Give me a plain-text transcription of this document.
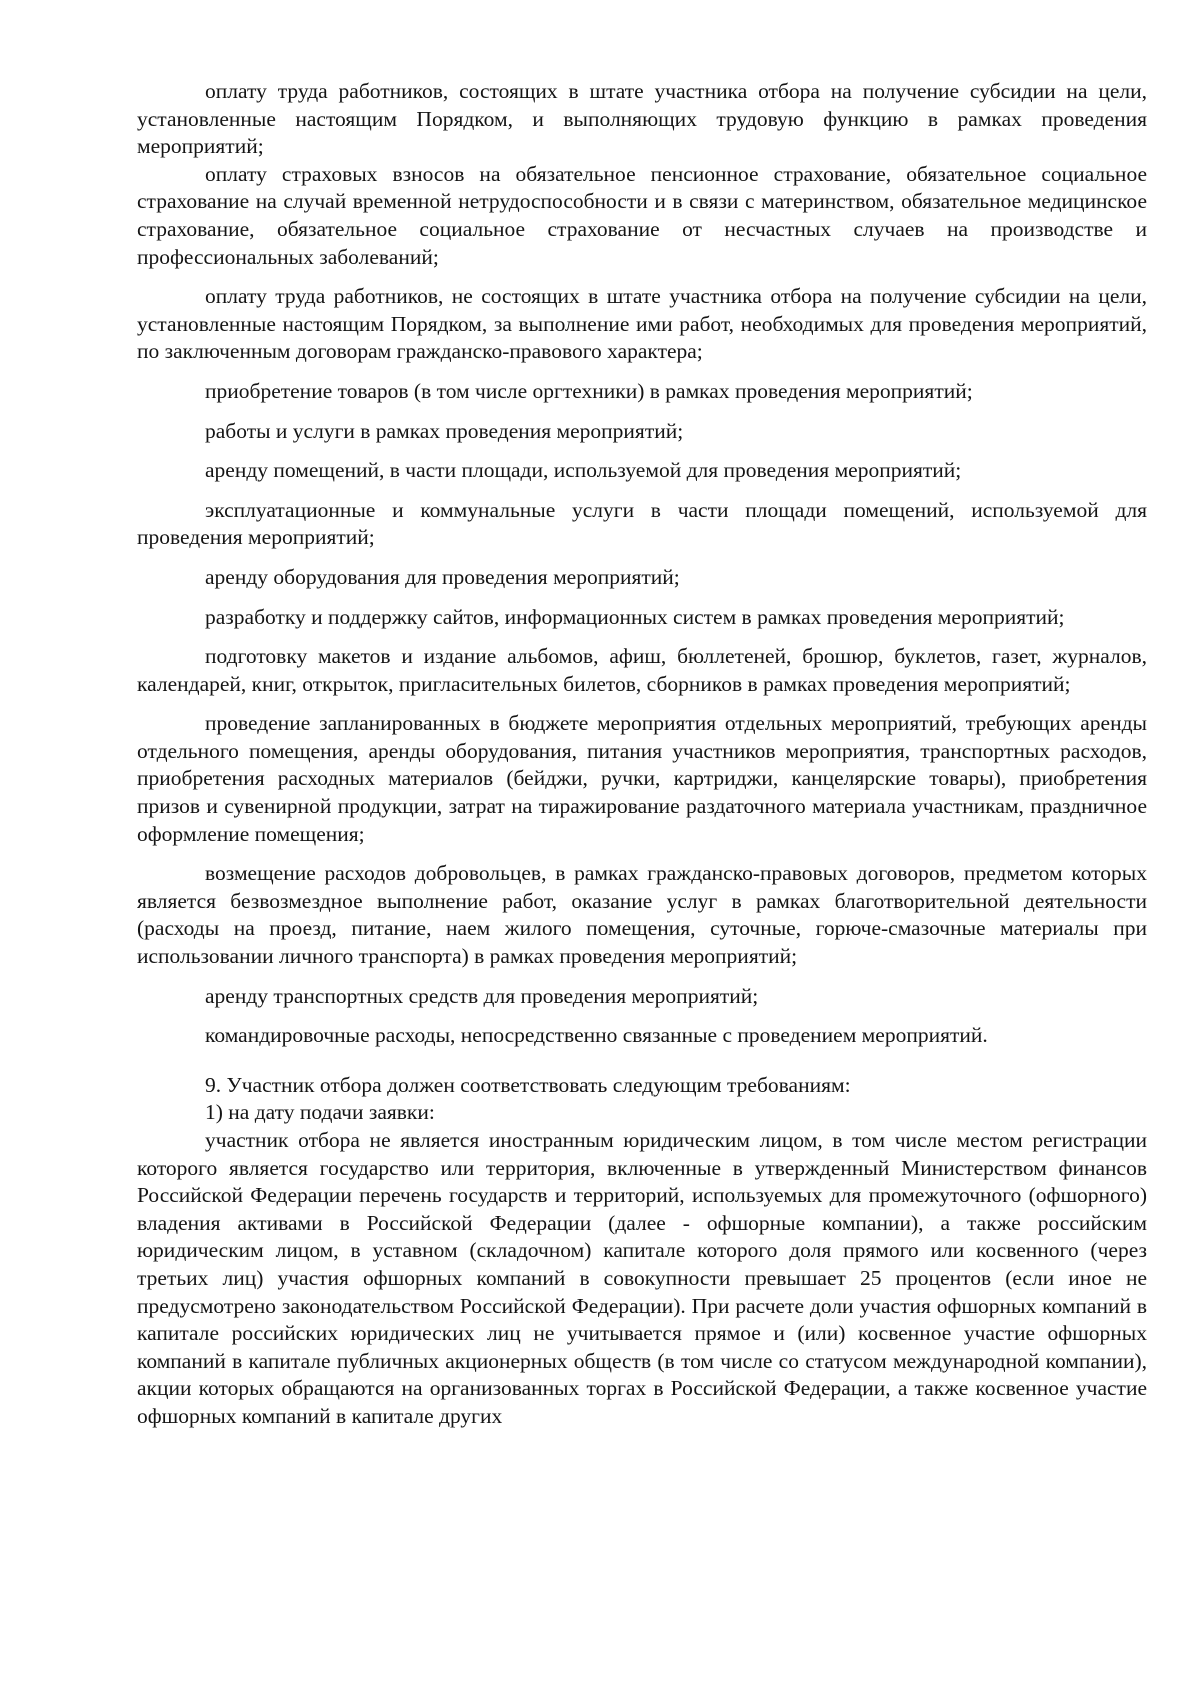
оплату труда работников, состоящих в штате участника отбора на получение субсидии на цели, установленные настоящим Порядком, и выполняющих трудовую функцию в рамках проведения мероприятий;

оплату страховых взносов на обязательное пенсионное страхование, обязательное социальное страхование на случай временной нетрудоспособности и в связи с материнством, обязательное медицинское страхование, обязательное социальное страхование от несчастных случаев на производстве и профессиональных заболеваний;

оплату труда работников, не состоящих в штате участника отбора на получение субсидии на цели, установленные настоящим Порядком, за выполнение ими работ, необходимых для проведения мероприятий, по заключенным договорам гражданско-правового характера;

приобретение товаров (в том числе оргтехники) в рамках проведения мероприятий;

работы и услуги в рамках проведения мероприятий;

аренду помещений, в части площади, используемой для проведения мероприятий;

эксплуатационные и коммунальные услуги в части площади помещений, используемой для проведения мероприятий;

аренду оборудования для проведения мероприятий;

разработку и поддержку сайтов, информационных систем в рамках проведения мероприятий;

подготовку макетов и издание альбомов, афиш, бюллетеней, брошюр, буклетов, газет, журналов, календарей, книг, открыток, пригласительных билетов, сборников в рамках проведения мероприятий;

проведение запланированных в бюджете мероприятия отдельных мероприятий, требующих аренды отдельного помещения, аренды оборудования, питания участников мероприятия, транспортных расходов, приобретения расходных материалов (бейджи, ручки, картриджи, канцелярские товары), приобретения призов и сувенирной продукции, затрат на тиражирование раздаточного материала участникам, праздничное оформление помещения;

возмещение расходов добровольцев, в рамках гражданско-правовых договоров, предметом которых является безвозмездное выполнение работ, оказание услуг в рамках благотворительной деятельности (расходы на проезд, питание, наем жилого помещения, суточные, горюче-смазочные материалы при использовании личного транспорта) в рамках проведения мероприятий;

аренду транспортных средств для проведения мероприятий;

командировочные расходы, непосредственно связанные с проведением мероприятий.

9. Участник отбора должен соответствовать следующим требованиям:

1) на дату подачи заявки:

участник отбора не является иностранным юридическим лицом, в том числе местом регистрации которого является государство или территория, включенные в утвержденный Министерством финансов Российской Федерации перечень государств и территорий, используемых для промежуточного (офшорного) владения активами в Российской Федерации (далее - офшорные компании), а также российским юридическим лицом, в уставном (складочном) капитале которого доля прямого или косвенного (через третьих лиц) участия офшорных компаний в совокупности превышает 25 процентов (если иное не предусмотрено законодательством Российской Федерации). При расчете доли участия офшорных компаний в капитале российских юридических лиц не учитывается прямое и (или) косвенное участие офшорных компаний в капитале публичных акционерных обществ (в том числе со статусом международной компании), акции которых обращаются на организованных торгах в Российской Федерации, а также косвенное участие офшорных компаний в капитале других
